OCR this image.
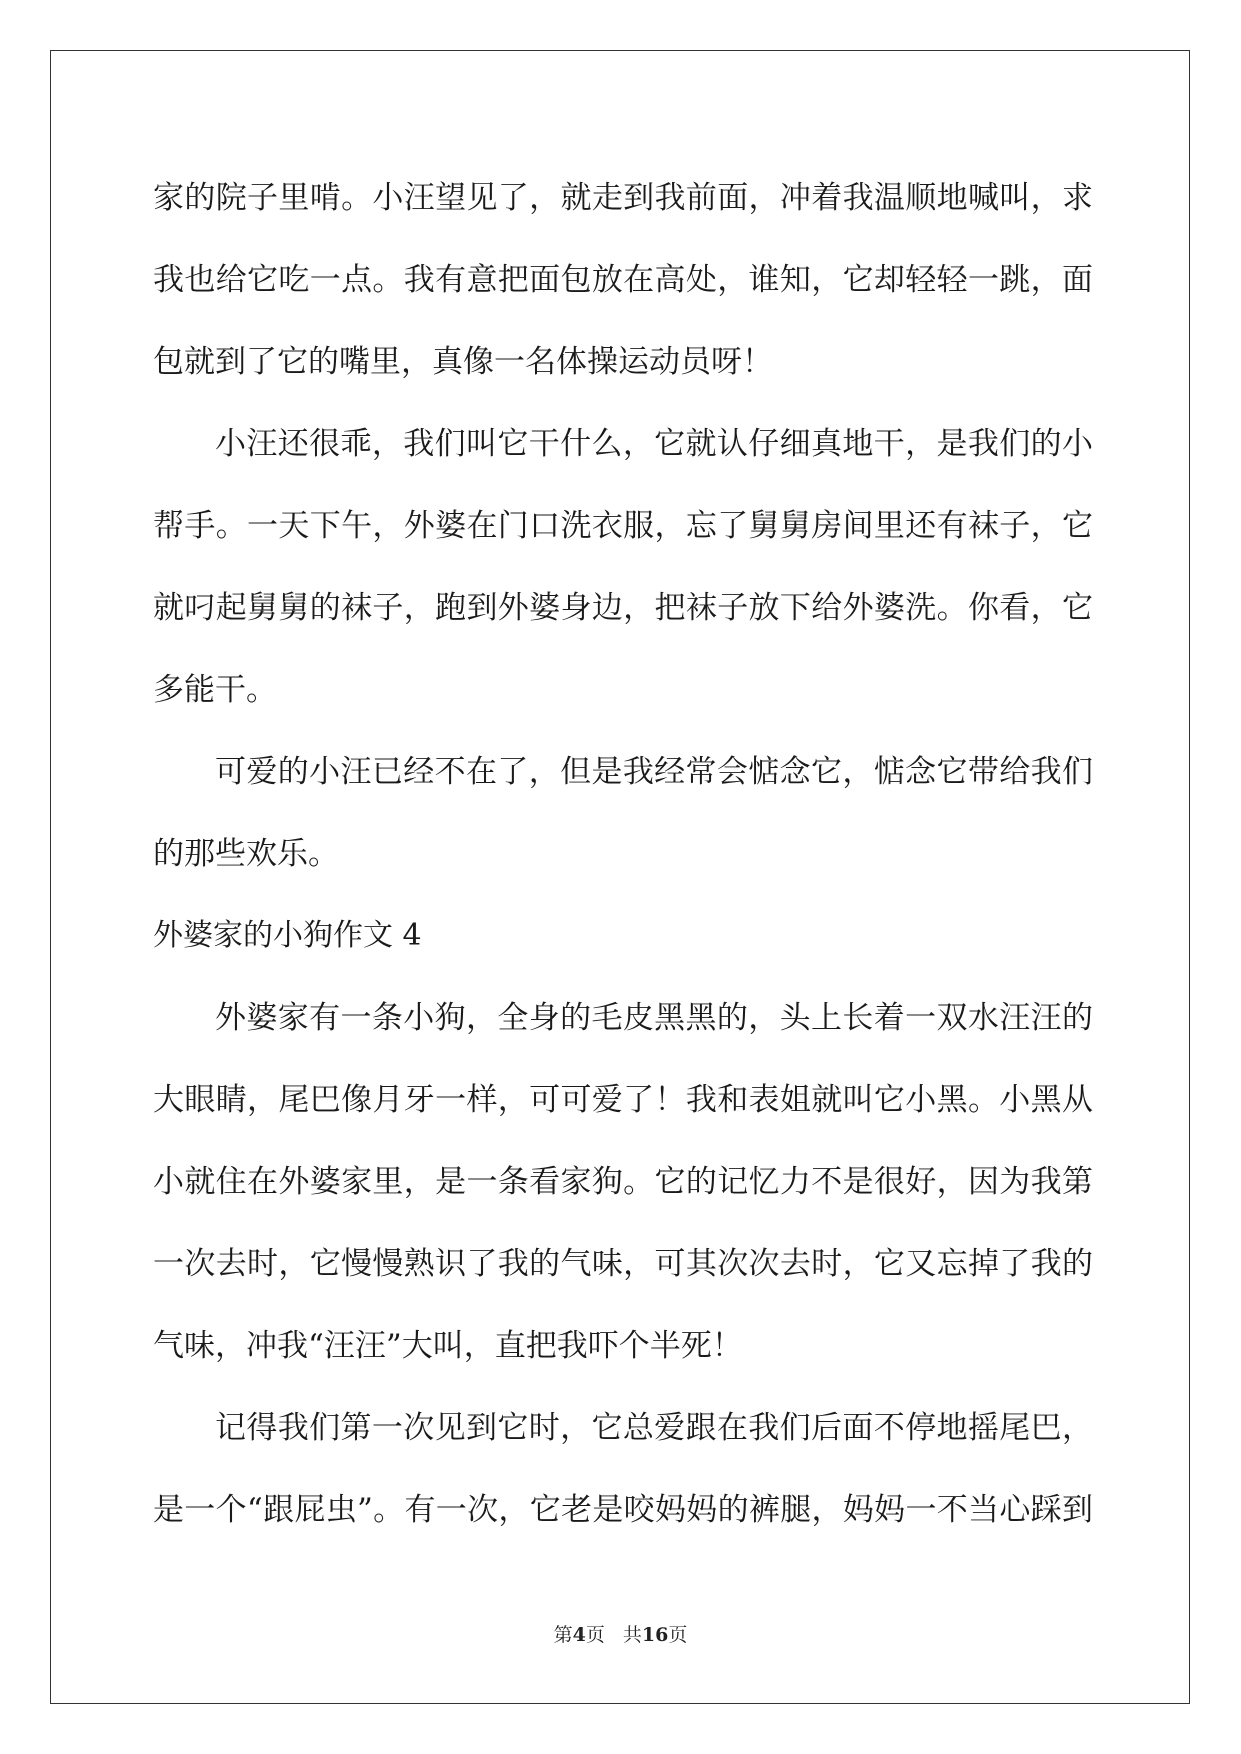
家的院子里啃。小汪望见了，就走到我前面，冲着我温顺地喊叫，求
我也给它吃一点。我有意把面包放在高处，谁知，它却轻轻一跳，面
包就到了它的嘴里，真像一名体操运动员呀！
小汪还很乖，我们叫它干什么，它就认仔细真地干，是我们的小
帮手。一天下午，外婆在门口洗衣服，忘了舅舅房间里还有袜子，它
就叼起舅舅的袜子，跑到外婆身边，把袜子放下给外婆洗。你看，它
多能干。
可爱的小汪已经不在了，但是我经常会惦念它，惦念它带给我们
的那些欢乐。
外婆家的小狗作文 4
外婆家有一条小狗，全身的毛皮黑黑的，头上长着一双水汪汪的
大眼睛，尾巴像月牙一样，可可爱了！我和表姐就叫它小黑。小黑从
小就住在外婆家里，是一条看家狗。它的记忆力不是很好，因为我第
一次去时，它慢慢熟识了我的气味，可其次次去时，它又忘掉了我的
气味，冲我“汪汪”大叫，直把我吓个半死！
记得我们第一次见到它时，它总爱跟在我们后面不停地摇尾巴，
是一个“跟屁虫”。有一次，它老是咬妈妈的裤腿，妈妈一不当心踩到
第4页 共16页
